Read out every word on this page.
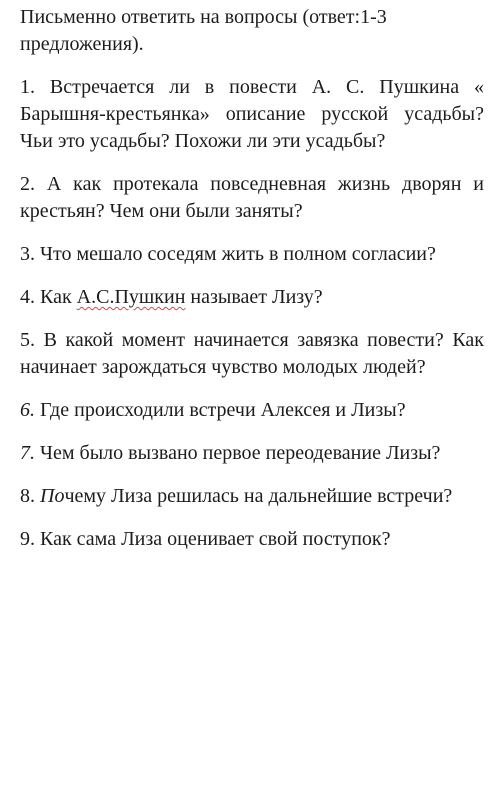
Письменно ответить на вопросы (ответ:1-3 предложения).

1. Встречается ли в повести А. С. Пушкина « Барышня-крестьянка» описание русской усадьбы? Чьи это усадьбы? Похожи ли эти усадьбы?

2. А как протекала повседневная жизнь дворян и крестьян? Чем они были заняты?

3. Что мешало соседям жить в полном согласии?

4. Как А.С.Пушкин называет Лизу?

5. В какой момент начинается завязка повести? Как начинает зарождаться чувство молодых людей?

6. Где происходили встречи Алексея и Лизы?

7. Чем было вызвано первое переодевание Лизы?

8. Почему Лиза решилась на дальнейшие встречи?

9. Как сама Лиза оценивает свой поступок?
